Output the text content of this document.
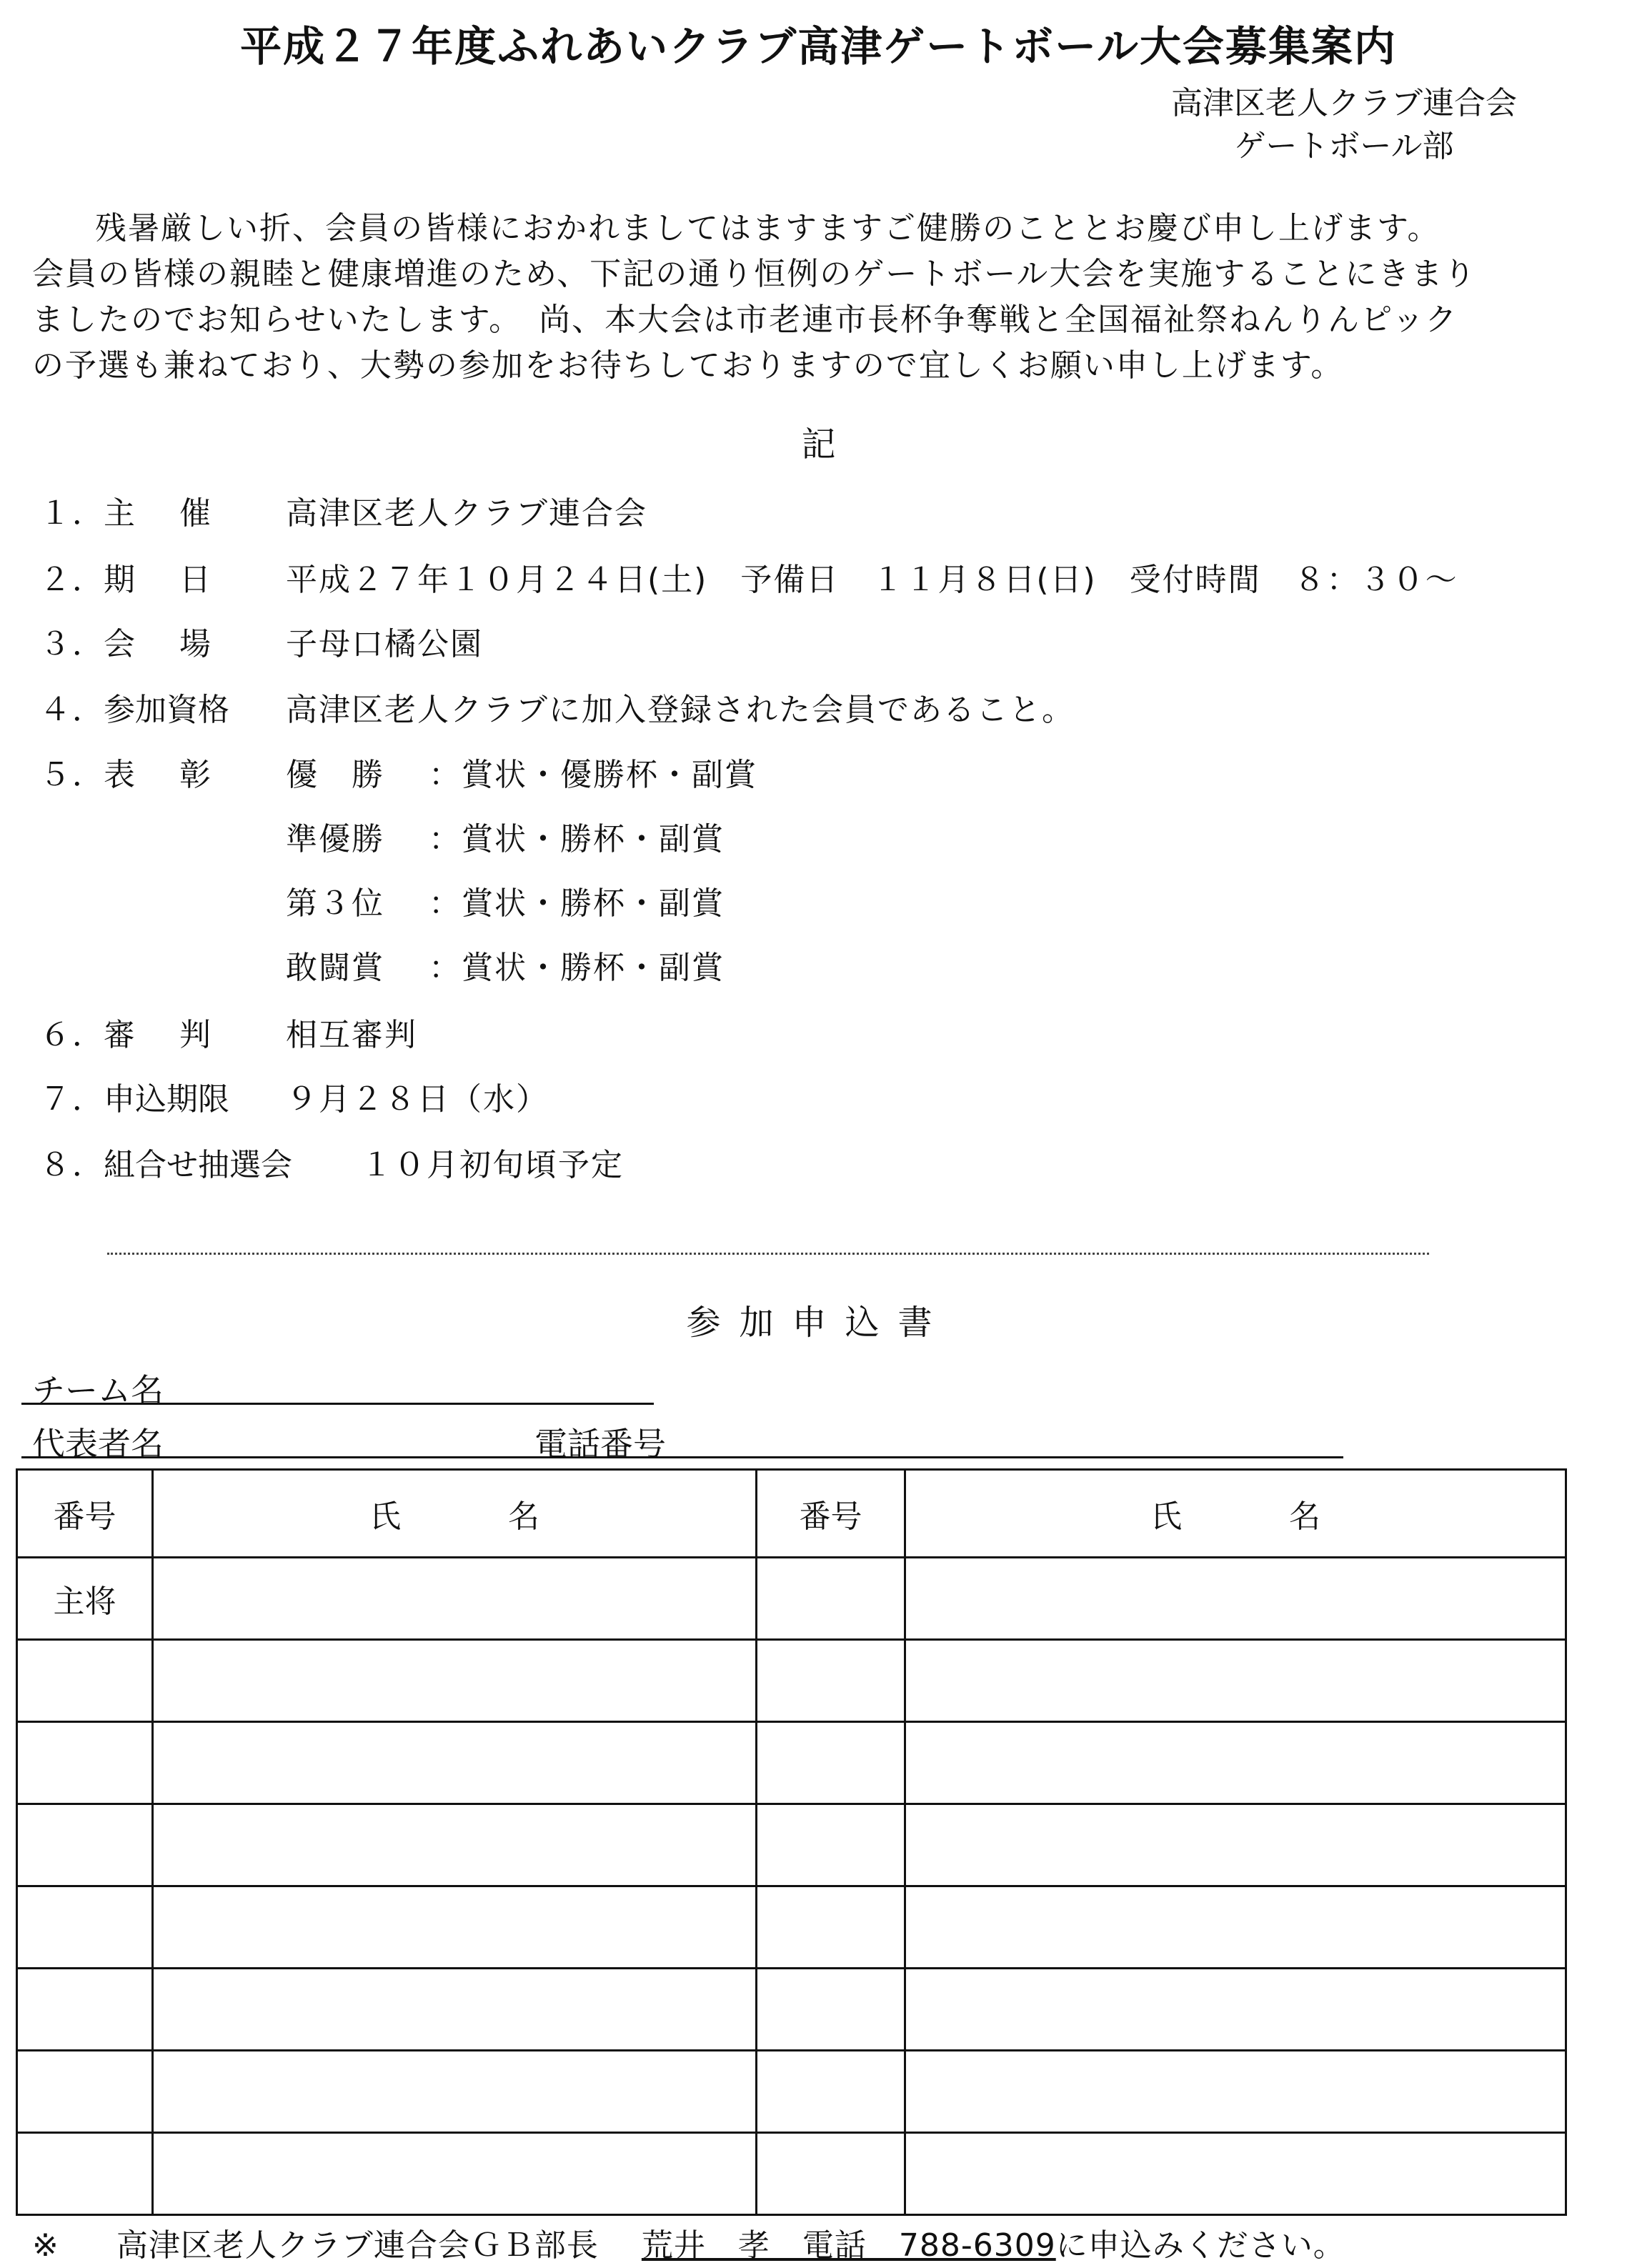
平成２７年度ふれあいクラブ高津ゲートボール大会募集案内
高津区老人クラブ連合会
ゲートボール部

残暑厳しい折、会員の皆様におかれましてはますますご健勝のこととお慶び申し上げます。

会員の皆様の親睦と健康増進のため、下記の通り恒例のゲートボール大会を実施することにきまり

ましたのでお知らせいたします。　尚、本大会は市老連市長杯争奪戦と全国福祉祭ねんりんピック

の予選も兼ねており、大勢の参加をお待ちしておりますので宜しくお願い申し上げます。

記
１．
主 催 高津区老人クラブ連合会
２．
期 日 平成２７年１０月２４日(土)　予備日　１１月８日(日)　受付時間　８：３０～
３．
会 場 子母口橘公園
４．
参加資格	高津区老人クラブに加入登録された会員であること。
５．
表 彰 優　勝 ：賞状・優勝杯・副賞
準優勝 ：賞状・勝杯・副賞
第３位 ：賞状・勝杯・副賞
敢闘賞 ：賞状・勝杯・副賞
６．
審 判 相互審判
７．
申込期限	９月２８日（水）
８．
組合せ抽選会	１０月初旬頃予定
参加申込書
チーム名
代表者名	電話番号
番号	氏名	番号	氏名
主将			

※ 高津区老人クラブ連合会ＧＢ部長 荒井　孝　電話　788-6309に申込みください。
